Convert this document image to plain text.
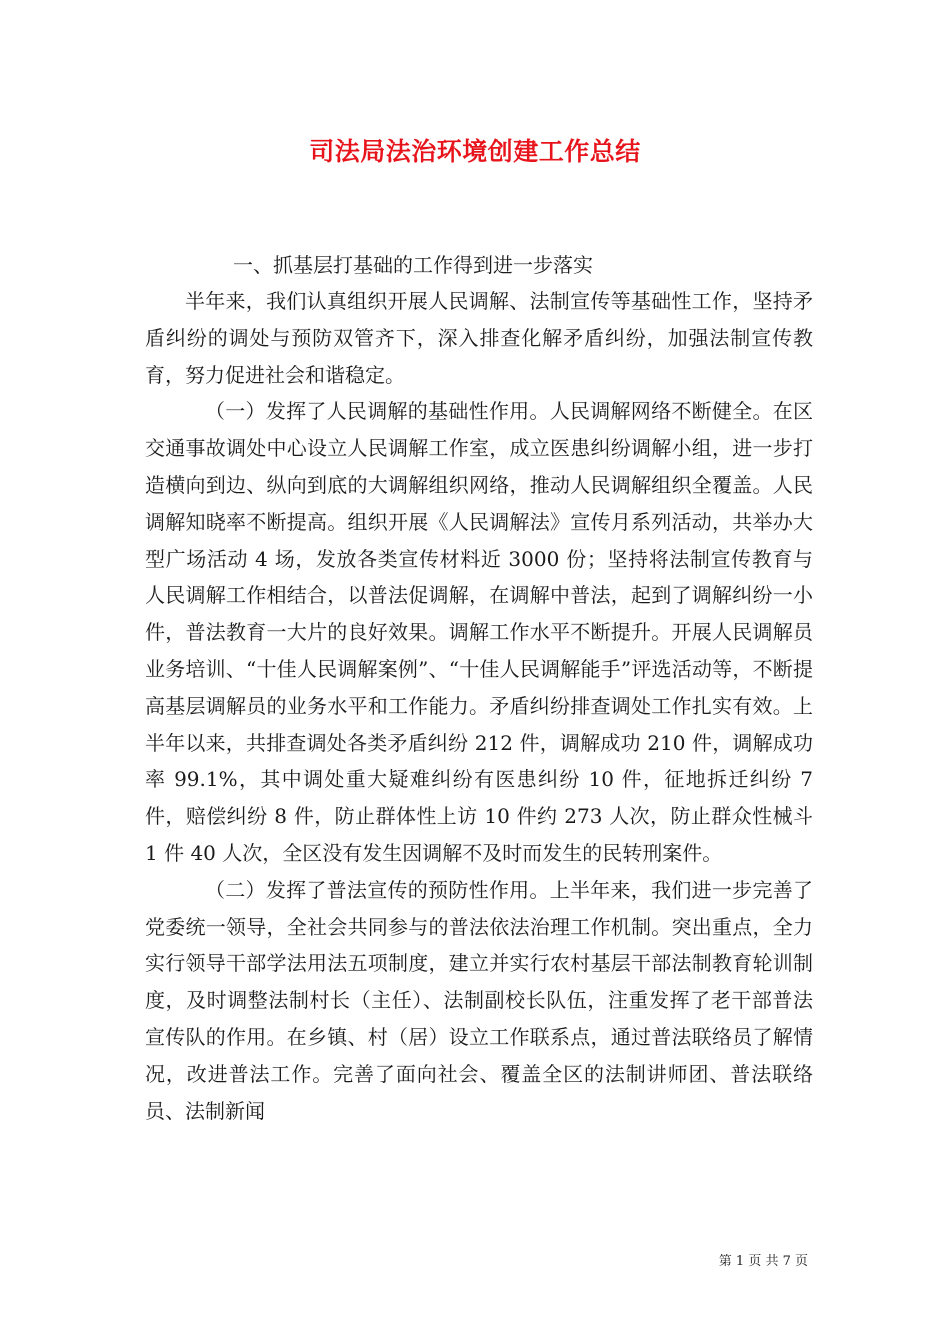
司法局法治环境创建工作总结

一、抓基层打基础的工作得到进一步落实

半年来，我们认真组织开展人民调解、法制宣传等基础性工作，坚持矛盾纠纷的调处与预防双管齐下，深入排查化解矛盾纠纷，加强法制宣传教育，努力促进社会和谐稳定。

（一）发挥了人民调解的基础性作用。人民调解网络不断健全。在区交通事故调处中心设立人民调解工作室，成立医患纠纷调解小组，进一步打造横向到边、纵向到底的大调解组织网络，推动人民调解组织全覆盖。人民调解知晓率不断提高。组织开展《人民调解法》宣传月系列活动，共举办大型广场活动 4 场，发放各类宣传材料近 3000 份；坚持将法制宣传教育与人民调解工作相结合，以普法促调解，在调解中普法，起到了调解纠纷一小件，普法教育一大片的良好效果。调解工作水平不断提升。开展人民调解员业务培训、“十佳人民调解案例”、“十佳人民调解能手”评选活动等，不断提高基层调解员的业务水平和工作能力。矛盾纠纷排查调处工作扎实有效。上半年以来，共排查调处各类矛盾纠纷 212 件，调解成功 210 件，调解成功率 99.1%，其中调处重大疑难纠纷有医患纠纷 10 件，征地拆迁纠纷 7 件，赔偿纠纷 8 件，防止群体性上访 10 件约 273 人次，防止群众性械斗 1 件 40 人次，全区没有发生因调解不及时而发生的民转刑案件。

（二）发挥了普法宣传的预防性作用。上半年来，我们进一步完善了党委统一领导，全社会共同参与的普法依法治理工作机制。突出重点，全力实行领导干部学法用法五项制度，建立并实行农村基层干部法制教育轮训制度，及时调整法制村长（主任）、法制副校长队伍，注重发挥了老干部普法宣传队的作用。在乡镇、村（居）设立工作联系点，通过普法联络员了解情况，改进普法工作。完善了面向社会、覆盖全区的法制讲师团、普法联络员、法制新闻

第 1 页 共 7 页
